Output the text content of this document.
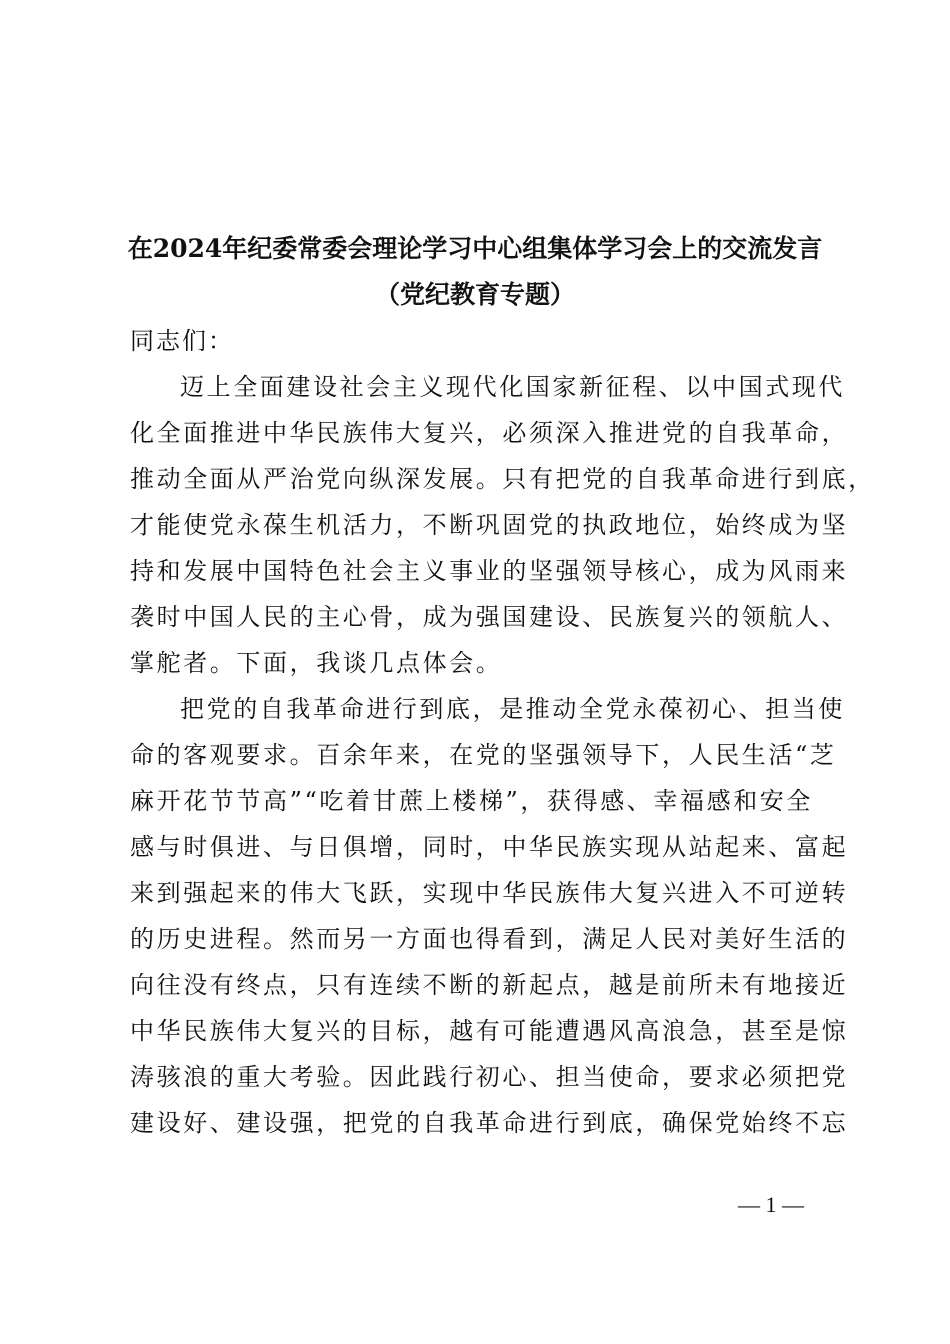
在2024年纪委常委会理论学习中心组集体学习会上的交流发言
（党纪教育专题）
同志们：
迈上全面建设社会主义现代化国家新征程、以中国式现代
化全面推进中华民族伟大复兴，必须深入推进党的自我革命，
推动全面从严治党向纵深发展。只有把党的自我革命进行到底，
才能使党永葆生机活力，不断巩固党的执政地位，始终成为坚
持和发展中国特色社会主义事业的坚强领导核心，成为风雨来
袭时中国人民的主心骨，成为强国建设、民族复兴的领航人、
掌舵者。下面，我谈几点体会。
把党的自我革命进行到底，是推动全党永葆初心、担当使
命的客观要求。百余年来，在党的坚强领导下，人民生活“芝
麻开花节节高”“吃着甘蔗上楼梯”，获得感、幸福感和安全
感与时俱进、与日俱增，同时，中华民族实现从站起来、富起
来到强起来的伟大飞跃，实现中华民族伟大复兴进入不可逆转
的历史进程。然而另一方面也得看到，满足人民对美好生活的
向往没有终点，只有连续不断的新起点，越是前所未有地接近
中华民族伟大复兴的目标，越有可能遭遇风高浪急，甚至是惊
涛骇浪的重大考验。因此践行初心、担当使命，要求必须把党
建设好、建设强，把党的自我革命进行到底，确保党始终不忘
— 1 —
